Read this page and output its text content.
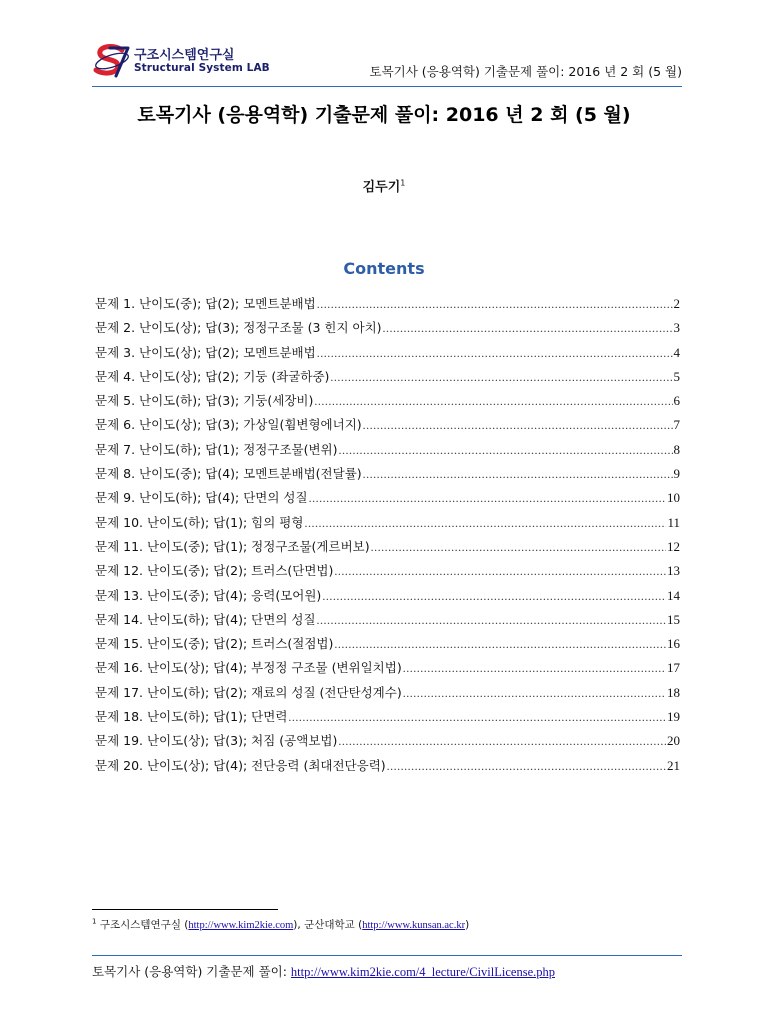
구조시스템연구실
Structural System LAB	토목기사 (응용역학) 기출문제 풀이: 2016 년 2 회 (5 월)
토목기사 (응용역학) 기출문제 풀이: 2016 년 2 회 (5 월)
김두기$^1$
Contents
문제 1. 난이도(중); 답(2); 모멘트분배법 .....	2
문제 2. 난이도(상); 답(3); 정정구조물 (3 힌지 아치) .....	3
문제 3. 난이도(상); 답(2); 모멘트분배법 .....	4
문제 4. 난이도(상); 답(2); 기둥 (좌굴하중) .....	5
문제 5. 난이도(하); 답(3); 기둥(세장비) .....	6
문제 6. 난이도(상); 답(3); 가상일(휨변형에너지) .....	7
문제 7. 난이도(하); 답(1); 정정구조물(변위) .....	8
문제 8. 난이도(중); 답(4); 모멘트분배법(전달률) .....	9
문제 9. 난이도(하); 답(4); 단면의 성질 .....	10
문제 10. 난이도(하); 답(1); 힘의 평형 .....	11
문제 11. 난이도(중); 답(1); 정정구조물(게르버보) .....	12
문제 12. 난이도(중); 답(2); 트러스(단면법) .....	13
문제 13. 난이도(중); 답(4); 응력(모어원) .....	14
문제 14. 난이도(하); 답(4); 단면의 성질 .....	15
문제 15. 난이도(중); 답(2); 트러스(절점법) .....	16
문제 16. 난이도(상); 답(4); 부정정 구조물 (변위일치법) .....	17
문제 17. 난이도(하); 답(2); 재료의 성질 (전단탄성계수) .....	18
문제 18. 난이도(하); 답(1); 단면력 .....	19
문제 19. 난이도(상); 답(3); 처짐 (공액보법) .....	20
문제 20. 난이도(상); 답(4); 전단응력 (최대전단응력) .....	21
$^1$ 구조시스템연구실 (http://www.kim2kie.com), 군산대학교 (http://www.kunsan.ac.kr)
토목기사 (응용역학) 기출문제 풀이: http://www.kim2kie.com/4_lecture/CivilLicense.php
